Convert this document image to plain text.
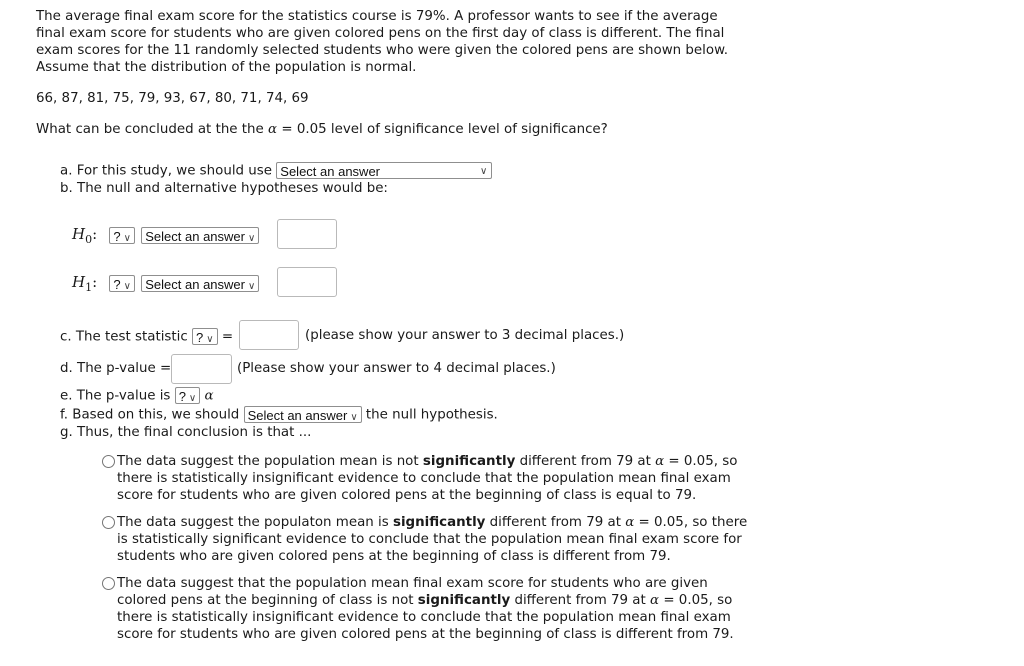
The average final exam score for the statistics course is 79%. A professor wants to see if the average final exam score for students who are given colored pens on the first day of class is different. The final exam scores for the 11 randomly selected students who were given the colored pens are shown below. Assume that the distribution of the population is normal.
66, 87, 81, 75, 79, 93, 67, 80, 71, 74, 69
What can be concluded at the the α = 0.05 level of significance level of significance?
a. For this study, we should use Select an answer	∨
b. The null and alternative hypotheses would be:
$H_0$: ? ∨ Select an answer ∨
$H_1$: ? ∨ Select an answer ∨
c. The test statistic ? ∨ =	(please show your answer to 3 decimal places.)
d. The p-value =	(Please show your answer to 4 decimal places.)
e. The p-value is ? ∨ α
f. Based on this, we should Select an answer ∨ the null hypothesis.
g. Thus, the final conclusion is that ...
The data suggest the population mean is not significantly different from 79 at α = 0.05, so there is statistically insignificant evidence to conclude that the population mean final exam score for students who are given colored pens at the beginning of class is equal to 79.
The data suggest the populaton mean is significantly different from 79 at α = 0.05, so there is statistically significant evidence to conclude that the population mean final exam score for students who are given colored pens at the beginning of class is different from 79.
The data suggest that the population mean final exam score for students who are given colored pens at the beginning of class is not significantly different from 79 at α = 0.05, so there is statistically insignificant evidence to conclude that the population mean final exam score for students who are given colored pens at the beginning of class is different from 79.
